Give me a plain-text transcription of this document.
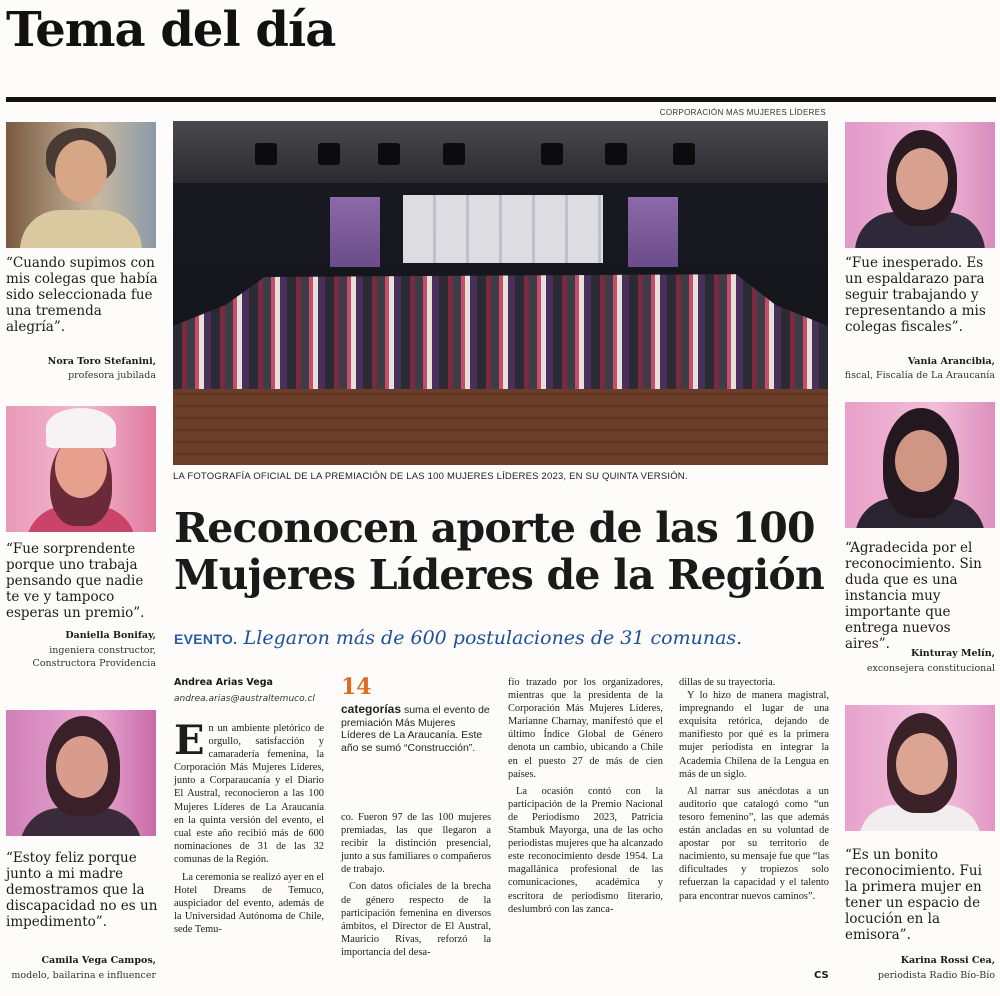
Tema del día
CORPORACIÓN MAS MUJERES LÍDERES
LA FOTOGRAFÍA OFICIAL DE LA PREMIACIÓN DE LAS 100 MUJERES LÍDERES 2023, EN SU QUINTA VERSIÓN.
Reconocen aporte de las 100
Mujeres Líderes de la Región
EVENTO. Llegaron más de 600 postulaciones de 31 comunas.
Andrea Arias Vega
andrea.arias@australtemuco.cl

En un ambiente pletórico de orgullo, satisfacción y camaradería femenina, la Corporación Más Mujeres Líderes, junto a Corparaucanía y el Diario El Austral, reconocieron a las 100 Mujeres Líderes de La Araucanía en la quinta versión del evento, el cual este año recibió más de 600 nominaciones de 31 de las 32 comunas de la Región.

La ceremonia se realizó ayer en el Hotel Dreams de Temuco, auspiciador del evento, además de la Universidad Autónoma de Chile, sede Temu-

14
categorías suma el evento de premiación Más Mujeres Líderes de La Araucanía. Este año se sumó “Construcción”.

co. Fueron 97 de las 100 mujeres premiadas, las que llegaron a recibir la distinción presencial, junto a sus familiares o compañeros de trabajo.

Con datos oficiales de la brecha de género respecto de la participación femenina en diversos ámbitos, el Director de El Austral, Mauricio Rivas, reforzó la importancia del desa-

fío trazado por los organizadores, mientras que la presidenta de la Corporación Más Mujeres Líderes, Marianne Charnay, manifestó que el último Índice Global de Género denota un cambio, ubicando a Chile en el puesto 27 de más de cien países.

La ocasión contó con la participación de la Premio Nacional de Periodismo 2023, Patricia Stambuk Mayorga, una de las ocho periodistas mujeres que ha alcanzado este reconocimiento desde 1954. La magallánica profesional de las comunicaciones, académica y escritora de periodismo literario, deslumbró con las zanca-

dillas de su trayectoria.

Y lo hizo de manera magistral, impregnando el lugar de una exquisita retórica, dejando de manifiesto por qué es la primera mujer periodista en integrar la Academia Chilena de la Lengua en más de un siglo.

Al narrar sus anécdotas a un auditorio que catalogó como “un tesoro femenino”, las que además están ancladas en su voluntad de apostar por su territorio de nacimiento, su mensaje fue que “las dificultades y tropiezos solo refuerzan la capacidad y el talento para encontrar nuevos caminos”.

CS
“Cuando supimos con mis colegas que había sido seleccionada fue una tremenda alegría”.
Nora Toro Stefanini,
profesora jubilada
“Fue sorprendente porque uno trabaja pensando que nadie te ve y tampoco esperas un premio”.
Daniella Bonifay,
ingeniera constructor, Constructora Providencia
“Estoy feliz porque junto a mi madre demostramos que la discapacidad no es un impedimento”.
Camila Vega Campos,
modelo, bailarina e influencer
“Fue inesperado. Es un espaldarazo para seguir trabajando y representando a mis colegas fiscales”.
Vania Arancibia,
fiscal, Fiscalía de La Araucanía
“Agradecida por el reconocimiento. Sin duda que es una instancia muy importante que entrega nuevos aires”.
Kinturay Melín,
exconsejera constitucional
“Es un bonito reconocimiento. Fui la primera mujer en tener un espacio de locución en la emisora”.
Karina Rossi Cea,
periodista Radio Bío-Bío
